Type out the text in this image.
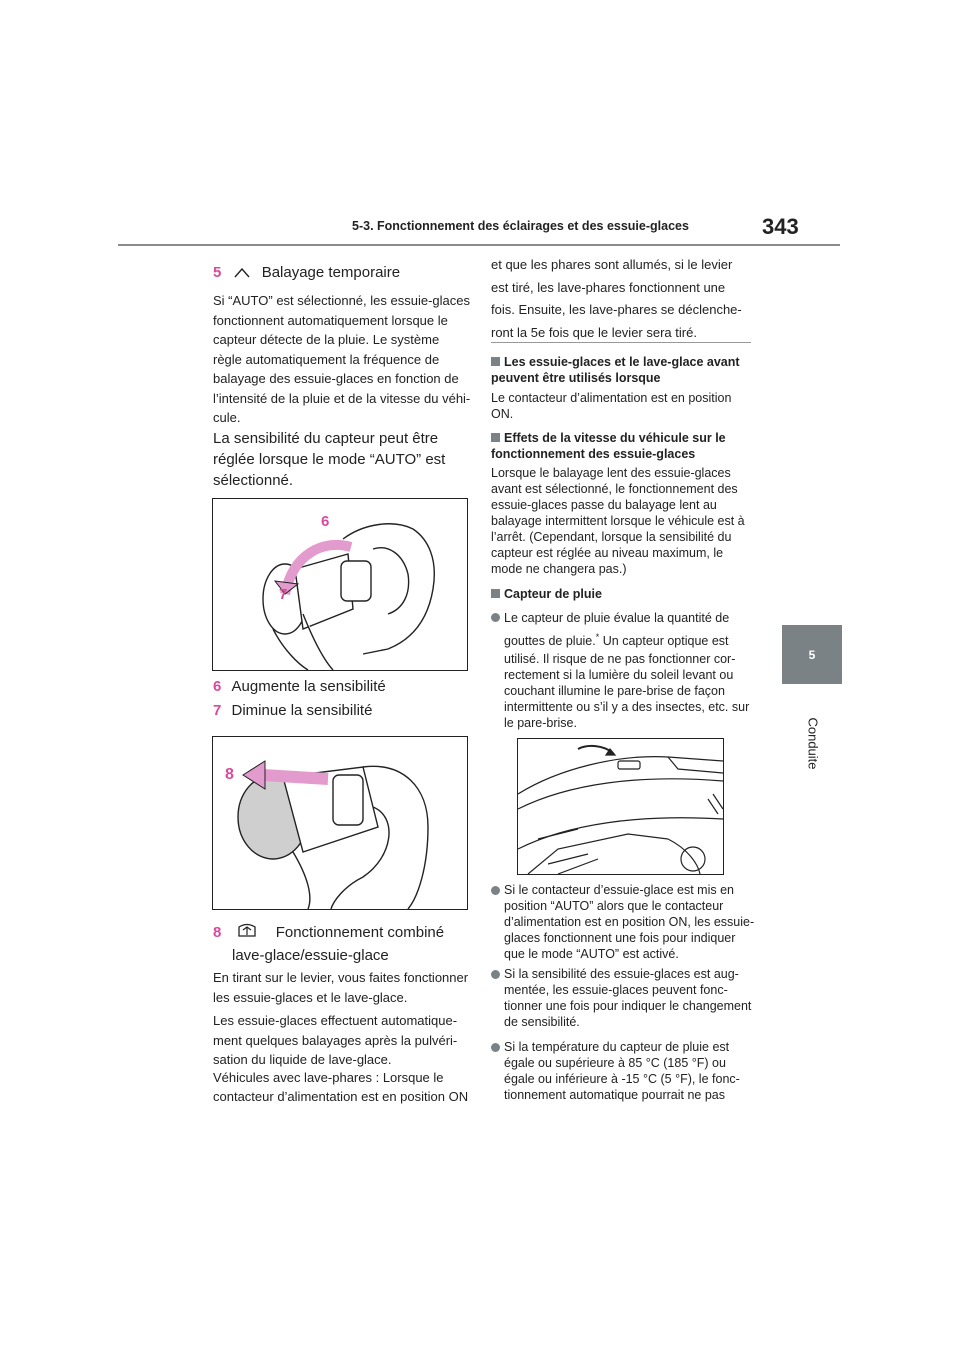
5-3. Fonctionnement des éclairages et des essuie-glaces	343
5
Conduite
5	Balayage temporaire
Si “AUTO” est sélectionné, les essuie-glaces
fonctionnent automatiquement lorsque le
capteur détecte de la pluie. Le système
règle automatiquement la fréquence de
balayage des essuie-glaces en fonction de
l’intensité de la pluie et de la vitesse du véhi-
cule.
La sensibilité du capteur peut être
réglée lorsque le mode “AUTO” est
sélectionné.
6
7
6 Augmente la sensibilité
7 Diminue la sensibilité
8
8	Fonctionnement combiné
lave-glace/essuie-glace
En tirant sur le levier, vous faites fonctionner
les essuie-glaces et le lave-glace.
Les essuie-glaces effectuent automatique-
ment quelques balayages après la pulvéri-
sation du liquide de lave-glace.
Véhicules avec lave-phares : Lorsque le
contacteur d’alimentation est en position ON
et que les phares sont allumés, si le levier
est tiré, les lave-phares fonctionnent une
fois. Ensuite, les lave-phares se déclenche-
ront la 5e fois que le levier sera tiré.
Les essuie-glaces et le lave-glace avant peuvent être utilisés lorsque
Le contacteur d’alimentation est en position ON.
Effets de la vitesse du véhicule sur le fonctionnement des essuie-glaces
Lorsque le balayage lent des essuie-glaces avant est sélectionné, le fonctionnement des essuie-glaces passe du balayage lent au balayage intermittent lorsque le véhicule est à l’arrêt. (Cependant, lorsque la sensibilité du capteur est réglée au niveau maximum, le mode ne changera pas.)
Capteur de pluie
Le capteur de pluie évalue la quantité de
gouttes de pluie.* Un capteur optique est
utilisé. Il risque de ne pas fonctionner cor-rectement si la lumière du soleil levant ou couchant illumine le pare-brise de façon intermittente ou s’il y a des insectes, etc. sur le pare-brise.
Si le contacteur d’essuie-glace est mis en position “AUTO” alors que le contacteur d’alimentation est en position ON, les essuie-glaces fonctionnent une fois pour indiquer que le mode “AUTO” est activé.
Si la sensibilité des essuie-glaces est aug-mentée, les essuie-glaces peuvent fonc-tionner une fois pour indiquer le changement de sensibilité.
Si la température du capteur de pluie est égale ou supérieure à 85 °C (185 °F) ou égale ou inférieure à -15 °C (5 °F), le fonc-tionnement automatique pourrait ne pas
